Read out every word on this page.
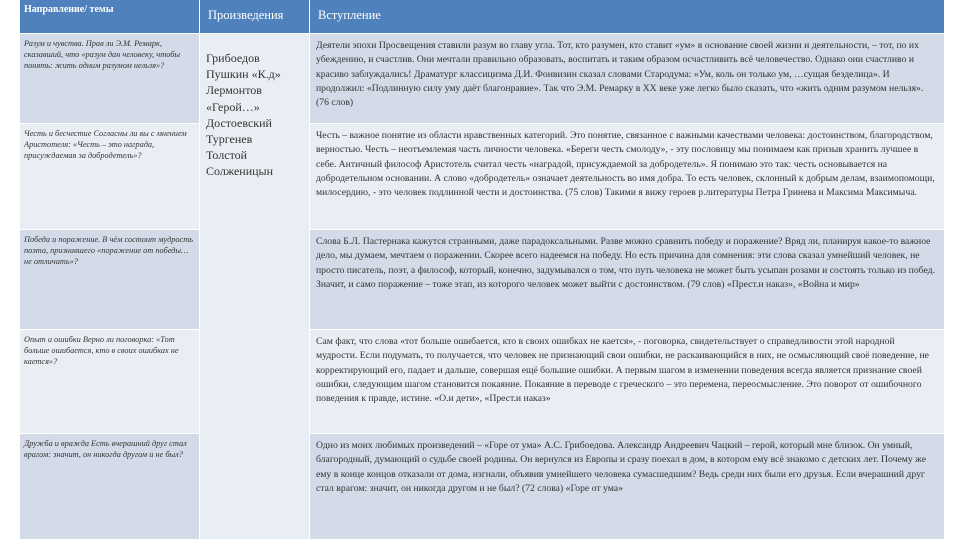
Направление/ темы	Произведения	Вступление
Грибоедов
Пушкин «К.д»
Лермонтов
«Герой…»
Достоевский
Тургенев
Толстой
Солженицын
Разум и чувства. Прав ли Э.М. Ремарк, сказавший, что «разум дан человеку, чтобы понять: жить одним разумом нельзя»?
Деятели эпохи Просвещения ставили разум во главу угла. Тот, кто разумен, кто ставит «ум» в основание своей жизни и деятельности, – тот, по их убеждению, и счастлив. Они мечтали правильно образовать, воспитать и таким образом осчастливить всё человечество. Однако они счастливо и красиво заблуждались! Драматург классицизма Д.И. Фонвизин сказал словами Стародума: «Ум, коль он только ум, …сущая безделица». И продолжил: «Подлинную силу уму даёт благонравие». Так что Э.М. Ремарку в XX веке уже легко было сказать, что «жить одним разумом нельзя». (76 слов)
Честь и бесчестие Согласны ли вы с мнением Аристотеля: «Честь – это награда, присуждаемая за добродетель»?
Честь – важное понятие из области нравственных категорий. Это понятие, связанное с важными качествами человека: достоинством, благородством, верностью. Честь – неотъемлемая часть личности человека. «Береги честь смолоду», - эту пословицу мы понимаем как призыв хранить лучшее в себе. Античный философ Аристотель считал честь «наградой, присуждаемой за добродетель». Я понимаю это так: честь основывается на добродетельном основании. А слово «добродетель» означает деятельность во имя добра. То есть человек, склонный к добрым делам, взаимопомощи, милосердию, - это человек подлинной чести и достоинства. (75 слов) Такими я вижу героев р.литературы Петра Гринева и Максима Максимыча.
Победа и поражение. В чём состоит мудрость поэта, признавшего «поражение от победы… не отличать»?
Слова Б.Л. Пастернака кажутся странными, даже парадоксальными. Разве можно сравнить победу и поражение? Вряд ли, планируя какое-то важное дело, мы думаем, мечтаем о поражении. Скорее всего надеемся на победу. Но есть причина для сомнения: эти слова сказал умнейший человек, не просто писатель, поэт, а философ, который, конечно, задумывался о том, что путь человека не может быть усыпан розами и состоять только из побед. Значит, и само поражение – тоже этап, из которого человек может выйти с достоинством. (79 слов) «Прест.и наказ», «Война и мир»
Опыт и ошибки Верно ли поговорка: «Тот больше ошибается, кто в своих ошибках не кается»?
Сам факт, что слова «тот больше ошибается, кто в своих ошибках не кается», - поговорка, свидетельствует о справедливости этой народной мудрости. Если подумать, то получается, что человек не признающий свои ошибки, не раскаивающийся в них, не осмысляющий своё поведение, не корректирующий его, падает и дальше, совершая ещё большие ошибки. А первым шагом в изменении поведения всегда является признание своей ошибки, следующим шагом становится покаяние. Покаяние в переводе с греческого – это перемена, переосмысление. Это поворот от ошибочного поведения к правде, истине. «О.и дети», «Прест.и наказ»
Дружба и вражда Есть вчерашний друг стал врагом: значит, он никогда другом и не был?
Одно из моих любимых произведений – «Горе от ума» А.С. Грибоедова. Александр Андреевич Чацкий – герой, который мне близок. Он умный, благородный, думающий о судьбе своей родины. Он вернулся из Европы и сразу поехал в дом, в котором ему всё знакомо с детских лет. Почему же ему в конце концов отказали от дома, изгнали, объявив умнейшего человека сумасшедшим? Ведь среди них были его друзья. Если вчерашний друг стал врагом: значит, он никогда другом и не был? (72 слова) «Горе от ума»
